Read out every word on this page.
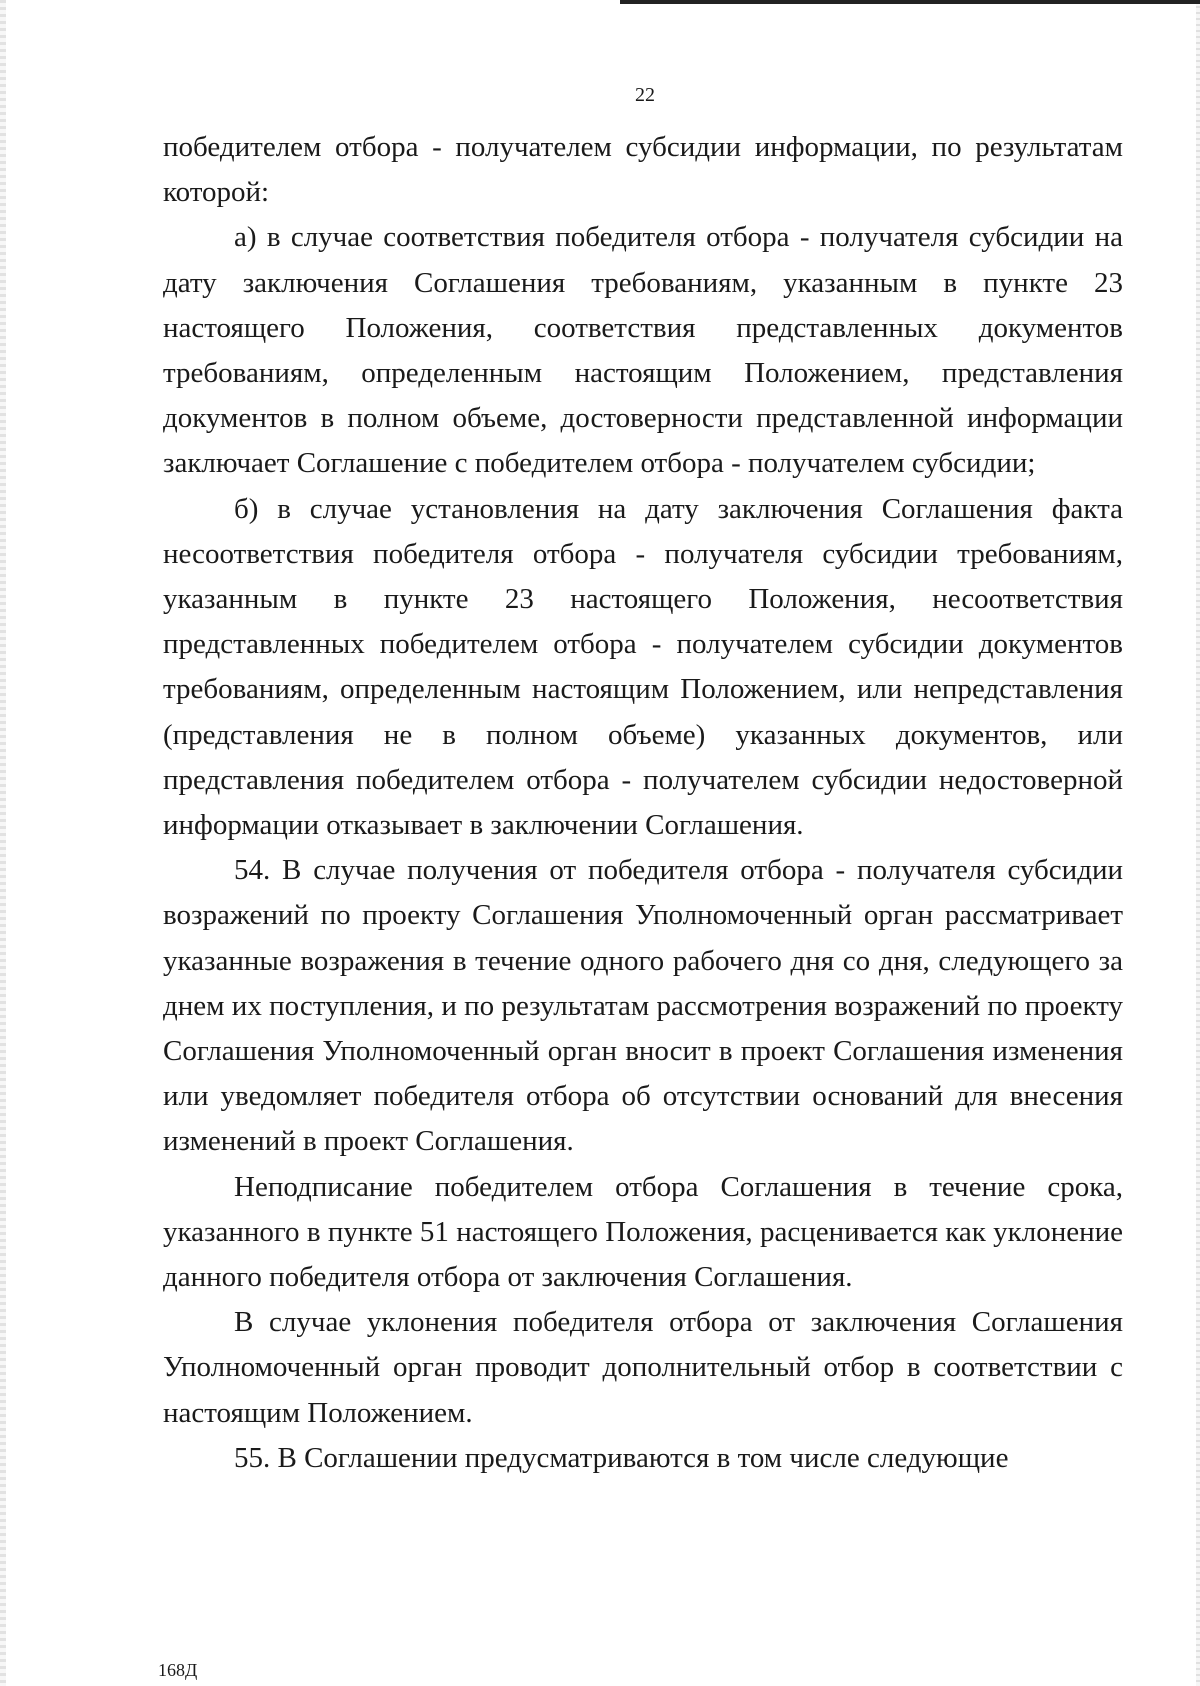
22

победителем отбора - получателем субсидии информации, по результатам которой:

а) в случае соответствия победителя отбора - получателя субсидии на дату заключения Соглашения требованиям, указанным в пункте 23 настоящего Положения, соответствия представленных документов требованиям, определенным настоящим Положением, представления документов в полном объеме, достоверности представленной информации заключает Соглашение с победителем отбора - получателем субсидии;

б) в случае установления на дату заключения Соглашения факта несоответствия победителя отбора - получателя субсидии требованиям, указанным в пункте 23 настоящего Положения, несоответствия представленных победителем отбора - получателем субсидии документов требованиям, определенным настоящим Положением, или непредставления (представления не в полном объеме) указанных документов, или представления победителем отбора - получателем субсидии недостоверной информации отказывает в заключении Соглашения.

54. В случае получения от победителя отбора - получателя субсидии возражений по проекту Соглашения Уполномоченный орган рассматривает указанные возражения в течение одного рабочего дня со дня, следующего за днем их поступления, и по результатам рассмотрения возражений по проекту Соглашения Уполномоченный орган вносит в проект Соглашения изменения или уведомляет победителя отбора об отсутствии оснований для внесения изменений в проект Соглашения.

Неподписание победителем отбора Соглашения в течение срока, указанного в пункте 51 настоящего Положения, расценивается как уклонение данного победителя отбора от заключения Соглашения.

В случае уклонения победителя отбора от заключения Соглашения Уполномоченный орган проводит дополнительный отбор в соответствии с настоящим Положением.

55. В Соглашении предусматриваются в том числе следующие

168Д
